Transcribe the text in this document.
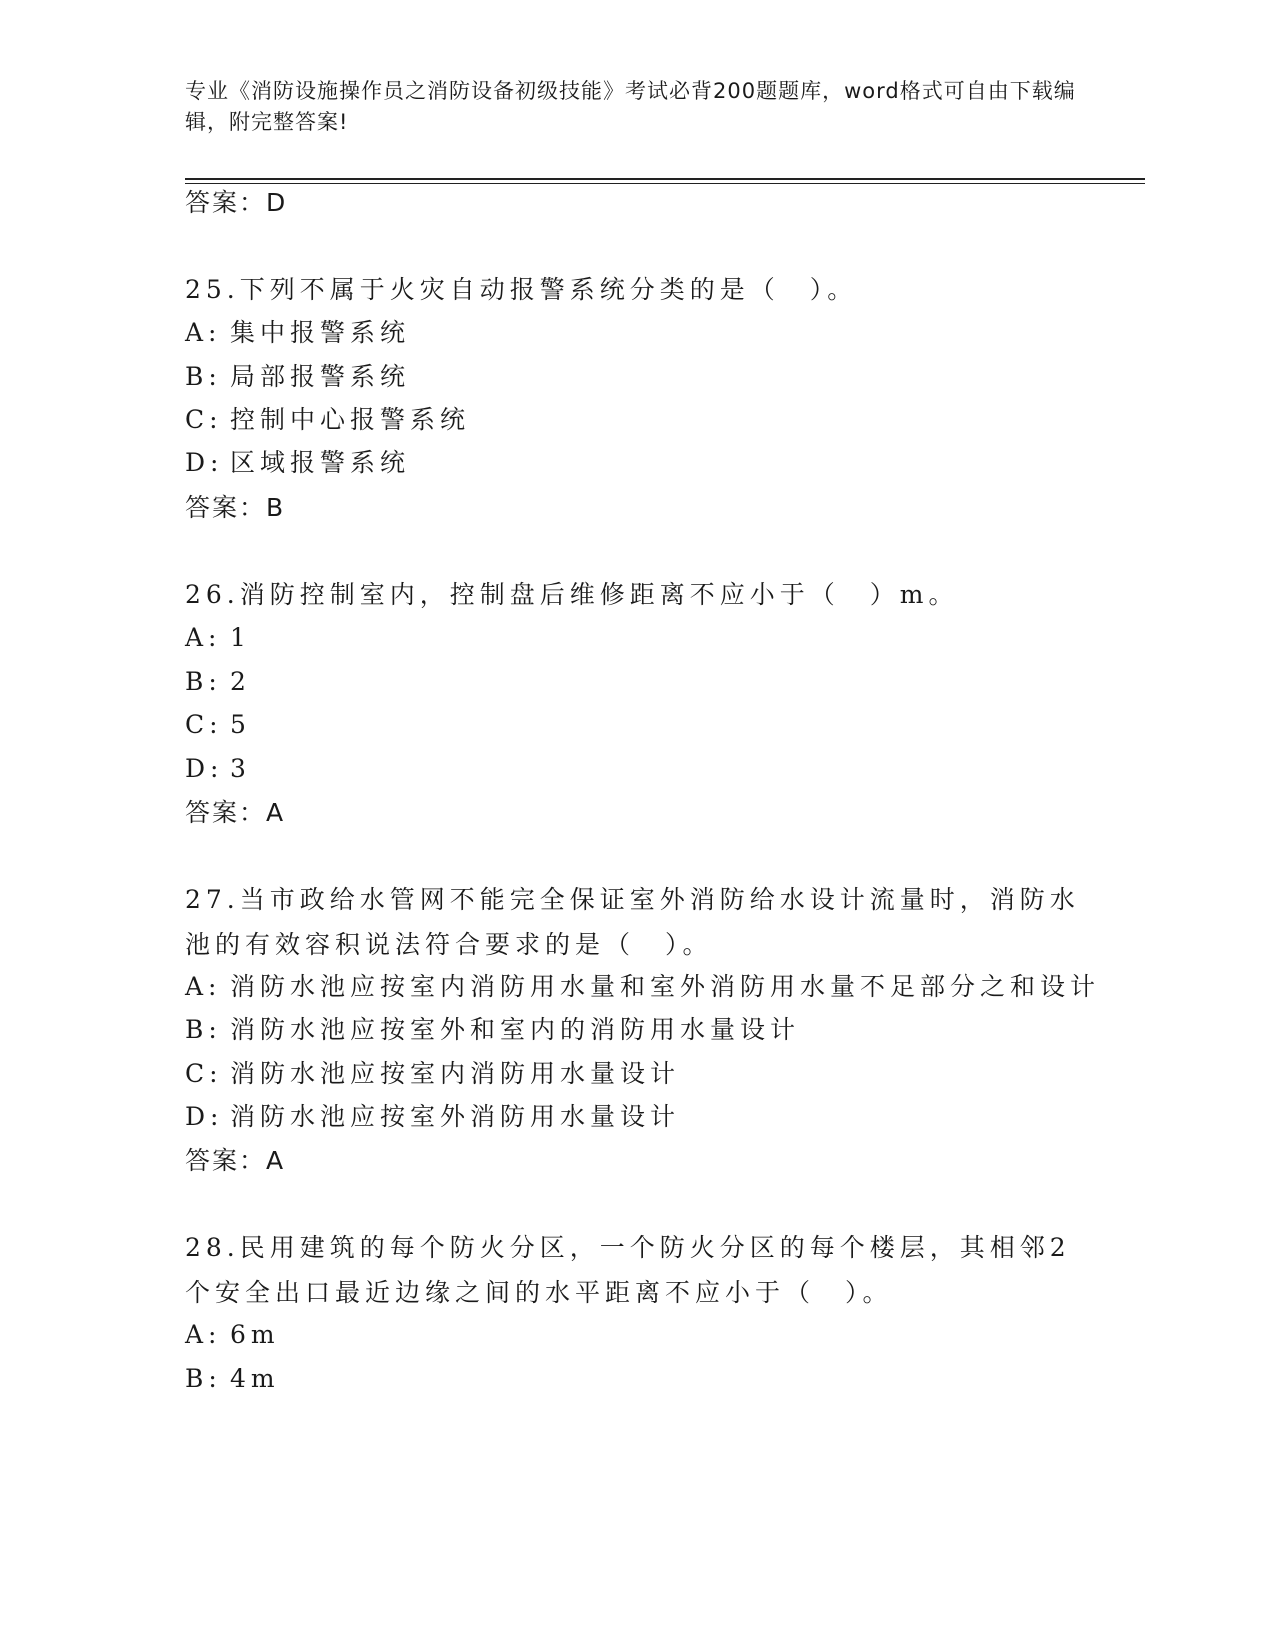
专业《消防设施操作员之消防设备初级技能》考试必背200题题库，word格式可自由下载编辑，附完整答案!
答案：D
25.下列不属于火灾自动报警系统分类的是（　）。
A: 集中报警系统
B: 局部报警系统
C: 控制中心报警系统
D: 区域报警系统
答案：B
26.消防控制室内，控制盘后维修距离不应小于（　）m。
A: 1
B: 2
C: 5
D: 3
答案：A
27.当市政给水管网不能完全保证室外消防给水设计流量时，消防水池的有效容积说法符合要求的是（　）。
A: 消防水池应按室内消防用水量和室外消防用水量不足部分之和设计
B: 消防水池应按室外和室内的消防用水量设计
C: 消防水池应按室内消防用水量设计
D: 消防水池应按室外消防用水量设计
答案：A
28.民用建筑的每个防火分区，一个防火分区的每个楼层，其相邻2个安全出口最近边缘之间的水平距离不应小于（　）。
A: 6m
B: 4m
